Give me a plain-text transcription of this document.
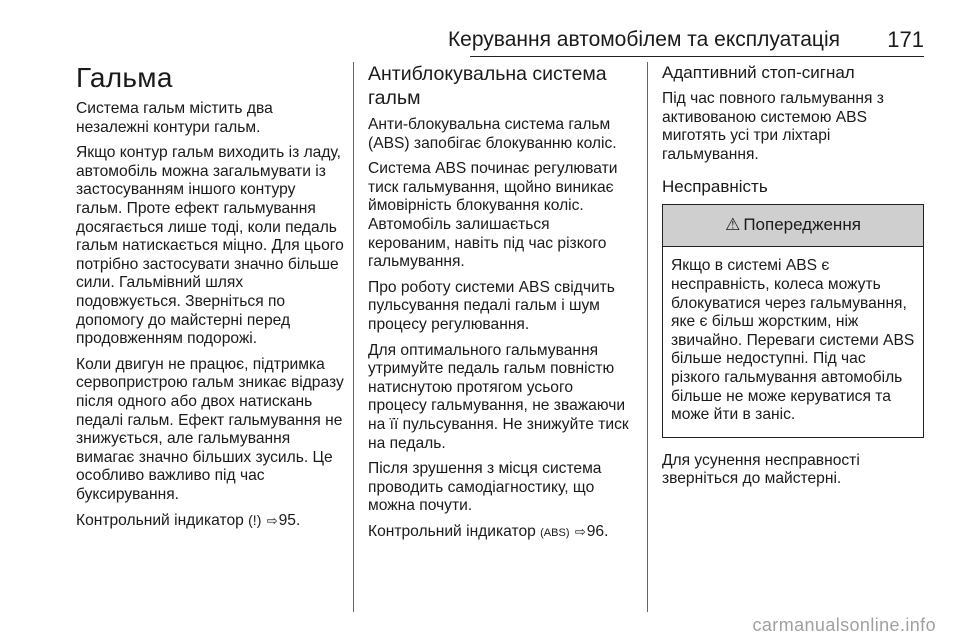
Керування автомобілем та експлуатація 171
Гальма

Система гальм містить два незалежні контури гальм.

Якщо контур гальм виходить із ладу, автомобіль можна загальмувати із застосуванням іншого контуру гальм. Проте ефект гальмування досягається лише тоді, коли педаль гальм натискається міцно. Для цього потрібно застосувати значно більше сили. Гальмівний шлях подовжується. Зверніться по допомогу до майстерні перед продовженням подорожі.

Коли двигун не працює, підтримка сервопристрою гальм зникає відразу після одного або двох натискань педалі гальм. Ефект гальмування не знижується, але гальмування вимагає значно більших зусиль. Це особливо важливо під час буксирування.

Контрольний індикатор (!) ⇨95.

Антиблокувальна система гальм

Анти-блокувальна система гальм (ABS) запобігає блокуванню коліс.

Система ABS починає регулювати тиск гальмування, щойно виникає ймовірність блокування коліс. Автомобіль залишається керованим, навіть під час різкого гальмування.

Про роботу системи ABS свідчить пульсування педалі гальм і шум процесу регулювання.

Для оптимального гальмування утримуйте педаль гальм повністю натиснутою протягом усього процесу гальмування, не зважаючи на її пульсування. Не знижуйте тиск на педаль.

Після зрушення з місця система проводить самодіагностику, що можна почути.

Контрольний індикатор (ABS) ⇨96.

Адаптивний стоп-сигнал

Під час повного гальмування з активованою системою ABS миготять усі три ліхтарі гальмування.

Несправність
⚠ Попередження
Якщо в системі ABS є несправність, колеса можуть блокуватися через гальмування, яке є більш жорстким, ніж звичайно. Переваги системи ABS більше недоступні. Під час різкого гальмування автомобіль більше не може керуватися та може йти в заніс.

Для усунення несправності зверніться до майстерні.

carmanualsonline.info
